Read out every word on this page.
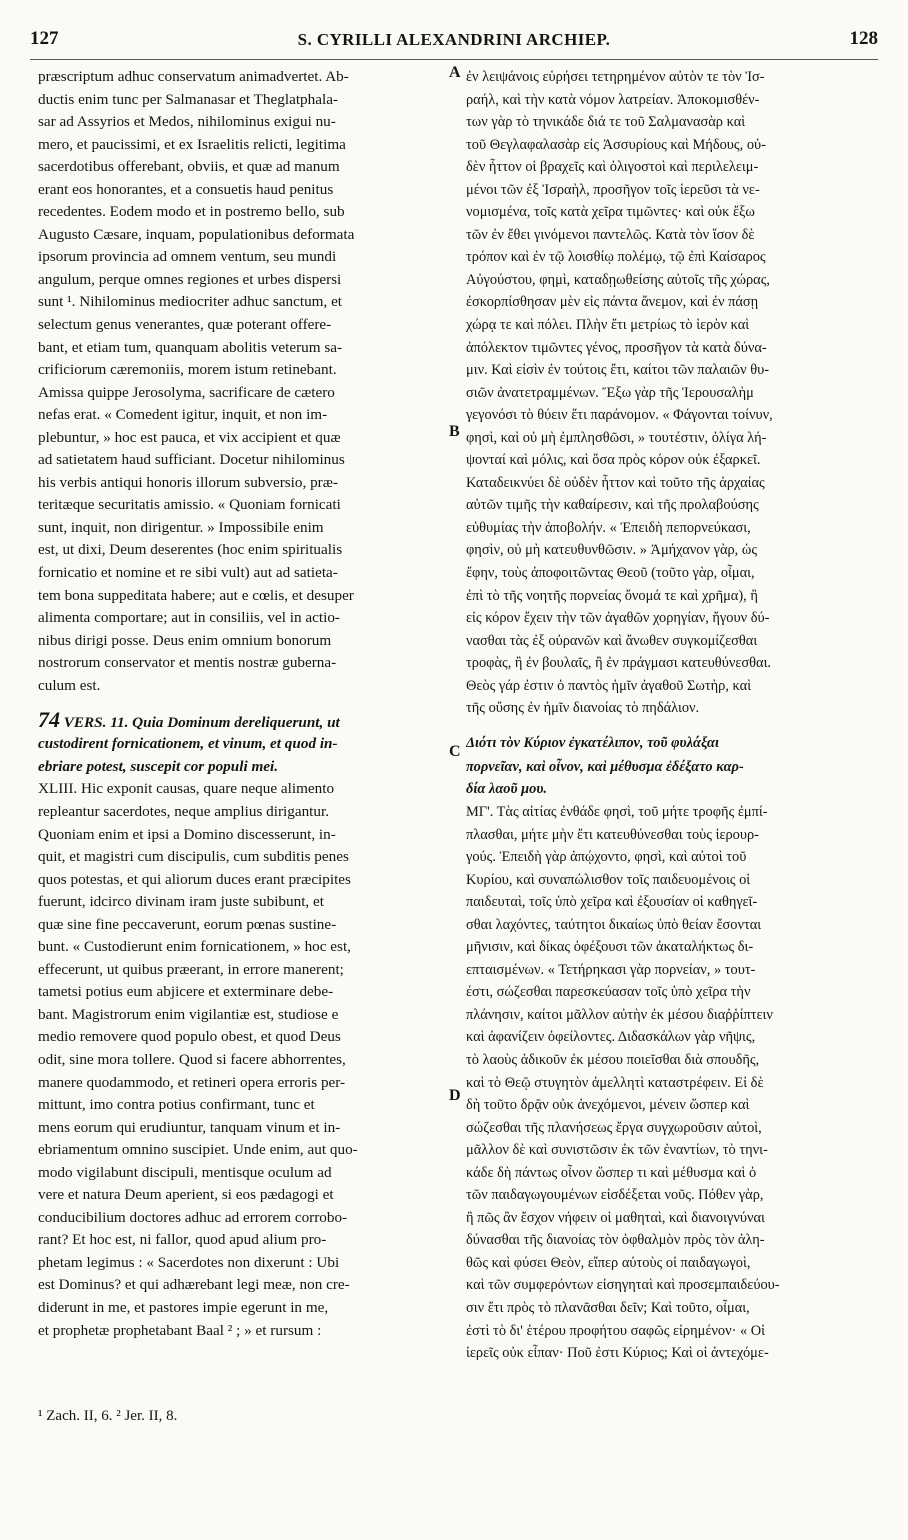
127	S. CYRILLI ALEXANDRINI ARCHIEP.	128
præscriptum adhuc conservatum animadvertet. Ab-
ductis enim tunc per Salmanasar et Theglatphala-
sar ad Assyrios et Medos, nihilominus exigui nu-
mero, et paucissimi, et ex Israelitis relicti, legitima
sacerdotibus offerebant, obviis, et quæ ad manum
erant eos honorantes, et a consuetis haud penitus
recedentes. Eodem modo et in postremo bello, sub
Augusto Cæsare, inquam, populationibus deformata
ipsorum provincia ad omnem ventum, seu mundi
angulum, perque omnes regiones et urbes dispersi
sunt ¹. Nihilominus mediocriter adhuc sanctum, et
selectum genus venerantes, quæ poterant offere-
bant, et etiam tum, quanquam abolitis veterum sa-
crificiorum cæremoniis, morem istum retinebant.
Amissa quippe Jerosolyma, sacrificare de cætero
nefas erat. « Comedent igitur, inquit, et non im-
plebuntur, » hoc est pauca, et vix accipient et quæ
ad satietatem haud sufficiant. Docetur nihilominus
his verbis antiqui honoris illorum subversio, præ-
teritæque securitatis amissio. « Quoniam fornicati
sunt, inquit, non dirigentur. » Impossibile enim
est, ut dixi, Deum deserentes (hoc enim spiritualis
fornicatio et nomine et re sibi vult) aut ad satieta-
tem bona suppeditata habere; aut e cœlis, et desuper
alimenta comportare; aut in consiliis, vel in actio-
nibus dirigi posse. Deus enim omnium bonorum
nostrorum conservator et mentis nostræ guberna-
culum est.
74 VERS. 11. Quia Dominum dereliquerunt, ut
custodirent fornicationem, et vinum, et quod in-
ebriare potest, suscepit cor populi mei.
XLIII. Hic exponit causas, quare neque alimento
repleantur sacerdotes, neque amplius dirigantur.
Quoniam enim et ipsi a Domino discesserunt, in-
quit, et magistri cum discipulis, cum subditis penes
quos potestas, et qui aliorum duces erant præcipites
fuerunt, idcirco divinam iram juste subibunt, et
quæ sine fine peccaverunt, eorum pœnas sustine-
bunt. « Custodierunt enim fornicationem, » hoc est,
effecerunt, ut quibus præerant, in errore manerent;
tametsi potius eum abjicere et exterminare debe-
bant. Magistrorum enim vigilantiæ est, studiose e
medio removere quod populo obest, et quod Deus
odit, sine mora tollere. Quod si facere abhorrentes,
manere quodammodo, et retineri opera erroris per-
mittunt, imo contra potius confirmant, tunc et
mens eorum qui erudiuntur, tanquam vinum et in-
ebriamentum omnino suscipiet. Unde enim, aut quo-
modo vigilabunt discipuli, mentisque oculum ad
vere et natura Deum aperient, si eos pædagogi et
conducibilium doctores adhuc ad errorem corrobo-
rant? Et hoc est, ni fallor, quod apud alium pro-
phetam legimus : « Sacerdotes non dixerunt : Ubi
est Dominus? et qui adhærebant legi meæ, non cre-
diderunt in me, et pastores impie egerunt in me,
et prophetæ prophetabant Baal ² ; » et rursum :
ἐν λειψάνοις εὑρήσει τετηρημένον αὐτὸν τε τὸν Ἰσ-
ραήλ, καὶ τὴν κατὰ νόμον λατρείαν. Ἀποκομισθέν-
των γὰρ τὸ τηνικάδε διά τε τοῦ Σαλμανασὰρ καὶ
τοῦ Θεγλαφαλασὰρ εἰς Ἀσσυρίους καὶ Μήδους, οὐ-
δὲν ἧττον οἱ βραχεῖς καὶ ὀλιγοστοὶ καὶ περιλελειμ-
μένοι τῶν ἐξ Ἰσραὴλ, προσῆγον τοῖς ἱερεῦσι τὰ νε-
νομισμένα, τοῖς κατὰ χεῖρα τιμῶντες· καὶ οὐκ ἔξω
τῶν ἐν ἔθει γινόμενοι παντελῶς. Κατὰ τὸν ἴσον δὲ
τρόπον καὶ ἐν τῷ λοισθίῳ πολέμῳ, τῷ ἐπὶ Καίσαρος
Αὐγούστου, φημὶ, καταδῃωθείσης αὐτοῖς τῆς χώρας,
ἐσκορπίσθησαν μὲν εἰς πάντα ἄνεμον, καὶ ἐν πάσῃ
χώρᾳ τε καὶ πόλει. Πλὴν ἔτι μετρίως τὸ ἱερὸν καὶ
ἀπόλεκτον τιμῶντες γένος, προσῆγον τὰ κατὰ δύνα-
μιν. Καὶ εἰσὶν ἐν τούτοις ἔτι, καίτοι τῶν παλαιῶν θυ-
σιῶν ἀνατετραμμένων. Ἔξω γὰρ τῆς Ἱερουσαλὴμ
γεγονόσι τὸ θύειν ἔτι παράνομον. « Φάγονται τοίνυν,
φησὶ, καὶ οὐ μὴ ἐμπλησθῶσι, » τουτέστιν, ὀλίγα λή-
ψονταί καὶ μόλις, καὶ ὅσα πρὸς κόρον οὐκ ἐξαρκεῖ.
Καταδεικνύει δὲ οὐδὲν ἧττον καὶ τοῦτο τῆς ἀρχαίας
αὐτῶν τιμῆς τὴν καθαίρεσιν, καὶ τῆς προλαβούσης
εὐθυμίας τὴν ἀποβολήν. « Ἐπειδὴ πεπορνεύκασι,
φησὶν, οὐ μὴ κατευθυνθῶσιν. » Ἀμήχανον γὰρ, ὡς
ἔφην, τοὺς ἀποφοιτῶντας Θεοῦ (τοῦτο γὰρ, οἶμαι,
ἐπὶ τὸ τῆς νοητῆς πορνείας ὄνομά τε καὶ χρῆμα), ἢ
εἰς κόρον ἔχειν τὴν τῶν ἀγαθῶν χορηγίαν, ἤγουν δύ-
νασθαι τὰς ἐξ οὐρανῶν καὶ ἄνωθεν συγκομίζεσθαι
τροφὰς, ἢ ἐν βουλαῖς, ἢ ἐν πράγμασι κατευθύνεσθαι.
Θεὸς γάρ ἐστιν ὁ παντὸς ἡμῖν ἀγαθοῦ Σωτὴρ, καὶ
τῆς οὔσης ἐν ἡμῖν διανοίας τὸ πηδάλιον.
Διότι τὸν Κύριον ἐγκατέλιπον, τοῦ φυλάξαι
πορνεῖαν, καὶ οἶνον, καὶ μέθυσμα ἐδέξατο καρ-
δία λαοῦ μου.
ΜΓ'. Τὰς αἰτίας ἐνθάδε φησὶ, τοῦ μήτε τροφῆς ἐμπί-
πλασθαι, μήτε μὴν ἔτι κατευθύνεσθαι τοὺς ἱερουρ-
γούς. Ἐπειδὴ γὰρ ἀπῴχοντο, φησὶ, καὶ αὐτοὶ τοῦ
Κυρίου, καὶ συναπώλισθον τοῖς παιδευομένοις οἱ
παιδευταὶ, τοῖς ὑπὸ χεῖρα καὶ ἐξουσίαν οἱ καθηγεῖ-
σθαι λαχόντες, ταύτητοι δικαίως ὑπὸ θείαν ἔσονται
μῆνισιν, καὶ δίκας ὀφέξουσι τῶν ἀκαταλήκτως δι-
επταισμένων. « Τετήρηκασι γὰρ πορνείαν, » τουτ-
έστι, σώζεσθαι παρεσκεύασαν τοῖς ὑπὸ χεῖρα τὴν
πλάνησιν, καίτοι μᾶλλον αὐτὴν ἐκ μέσου διαῤῥίπτειν
καὶ ἀφανίζειν ὀφείλοντες. Διδασκάλων γὰρ νῆψις,
τὸ λαοὺς ἀδικοῦν ἐκ μέσου ποιεῖσθαι διὰ σπουδῆς,
καὶ τὸ Θεῷ στυγητὸν ἀμελλητὶ καταστρέφειν. Εἰ δὲ
δὴ τοῦτο δρᾷν οὐκ ἀνεχόμενοι, μένειν ὥσπερ καὶ
σώζεσθαι τῆς πλανήσεως ἔργα συγχωροῦσιν αὐτοὶ,
μᾶλλον δὲ καὶ συνιστῶσιν ἐκ τῶν ἐναντίων, τὸ τηνι-
κάδε δὴ πάντως οἶνον ὥσπερ τι καὶ μέθυσμα καὶ ὁ
τῶν παιδαγωγουμένων εἰσδέξεται νοῦς. Πόθεν γὰρ,
ἢ πῶς ἂν ἔσχον νήφειν οἱ μαθηταὶ, καὶ διανοιγνύναι
δύνασθαι τῆς διανοίας τὸν ὀφθαλμὸν πρὸς τὸν ἀλη-
θῶς καὶ φύσει Θεὸν, εἴπερ αὐτοὺς οἱ παιδαγωγοὶ,
καὶ τῶν συμφερόντων εἰσηγηταὶ καὶ προσεμπαιδεύου-
σιν ἔτι πρὸς τὸ πλανᾶσθαι δεῖν; Καὶ τοῦτο, οἶμαι,
ἐστὶ τὸ δι' ἑτέρου προφήτου σαφῶς εἰρημένον· « Οἱ
ἱερεῖς οὐκ εἶπαν· Ποῦ ἐστι Κύριος; Καὶ οἱ ἀντεχόμε-
A
B
C
D
¹ Zach. II, 6. ² Jer. II, 8.
